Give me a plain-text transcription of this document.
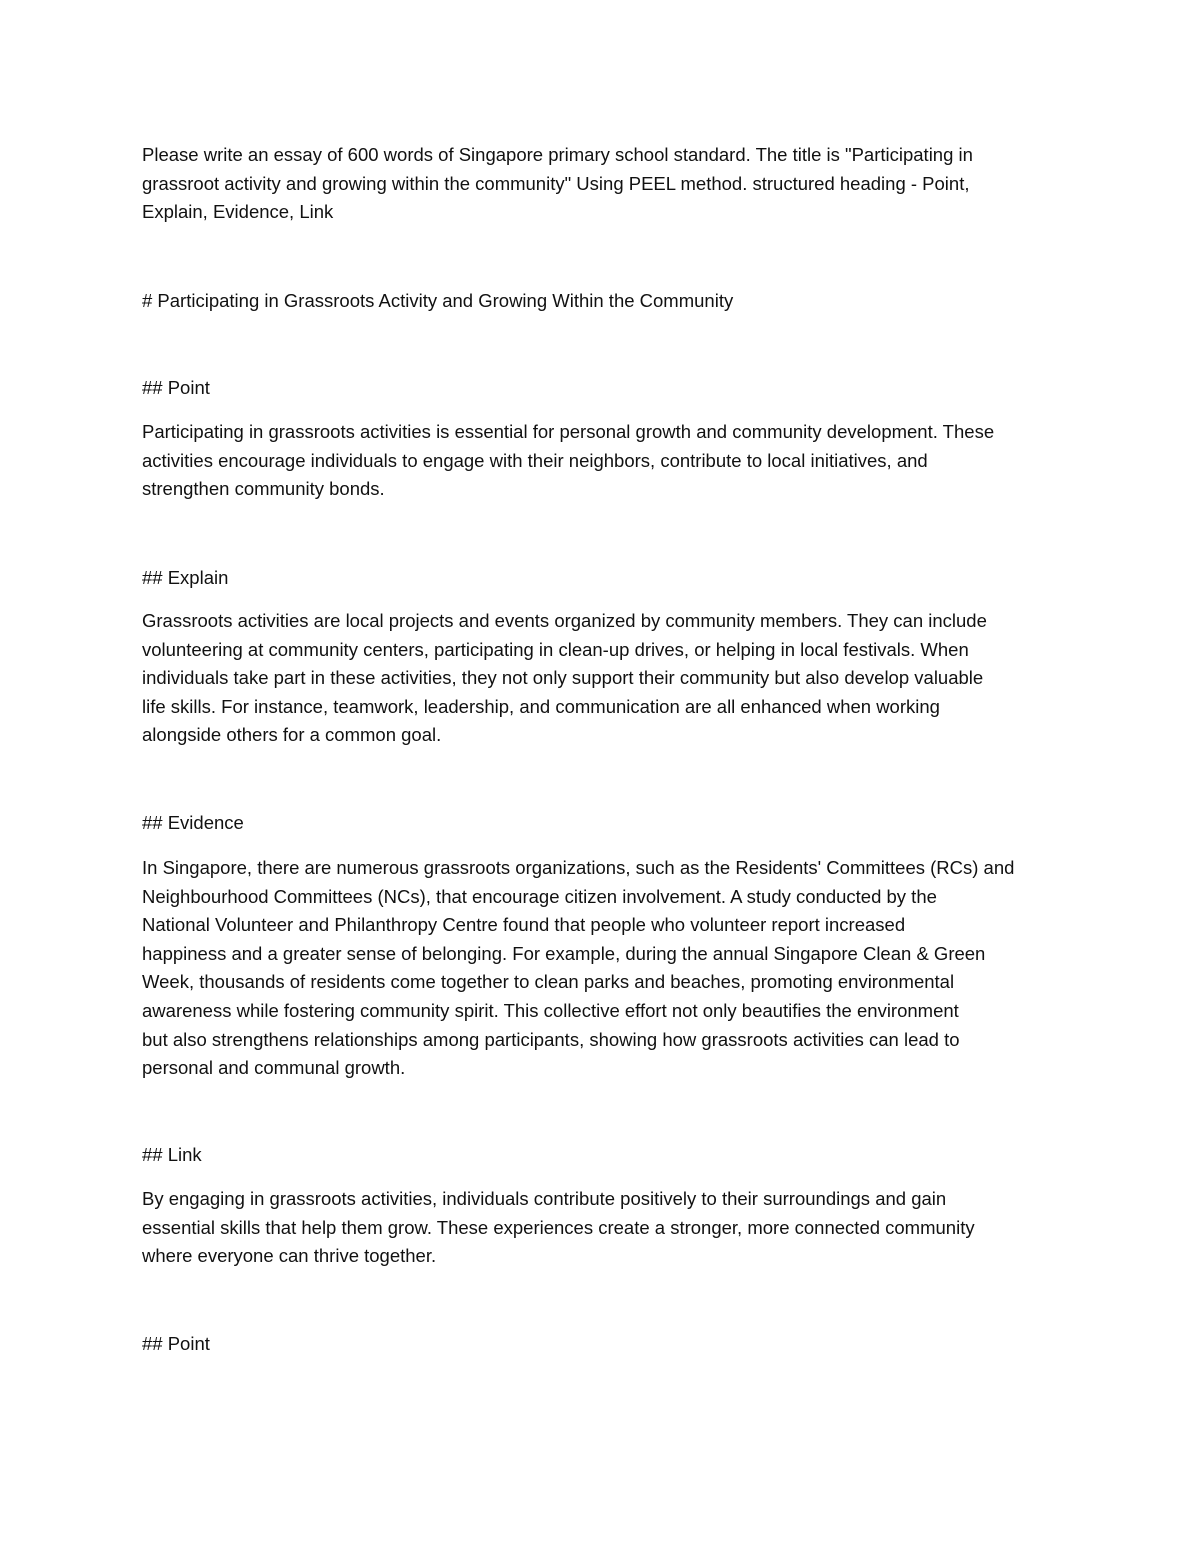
Please write an essay of 600 words of Singapore primary school standard. The title is "Participating in
grassroot activity and growing within the community" Using PEEL method. structured heading - Point,
Explain, Evidence, Link
# Participating in Grassroots Activity and Growing Within the Community
## Point
Participating in grassroots activities is essential for personal growth and community development. These
activities encourage individuals to engage with their neighbors, contribute to local initiatives, and
strengthen community bonds.
## Explain
Grassroots activities are local projects and events organized by community members. They can include
volunteering at community centers, participating in clean-up drives, or helping in local festivals. When
individuals take part in these activities, they not only support their community but also develop valuable
life skills. For instance, teamwork, leadership, and communication are all enhanced when working
alongside others for a common goal.
## Evidence
In Singapore, there are numerous grassroots organizations, such as the Residents' Committees (RCs) and
Neighbourhood Committees (NCs), that encourage citizen involvement. A study conducted by the
National Volunteer and Philanthropy Centre found that people who volunteer report increased
happiness and a greater sense of belonging. For example, during the annual Singapore Clean & Green
Week, thousands of residents come together to clean parks and beaches, promoting environmental
awareness while fostering community spirit. This collective effort not only beautifies the environment
but also strengthens relationships among participants, showing how grassroots activities can lead to
personal and communal growth.
## Link
By engaging in grassroots activities, individuals contribute positively to their surroundings and gain
essential skills that help them grow. These experiences create a stronger, more connected community
where everyone can thrive together.
## Point
